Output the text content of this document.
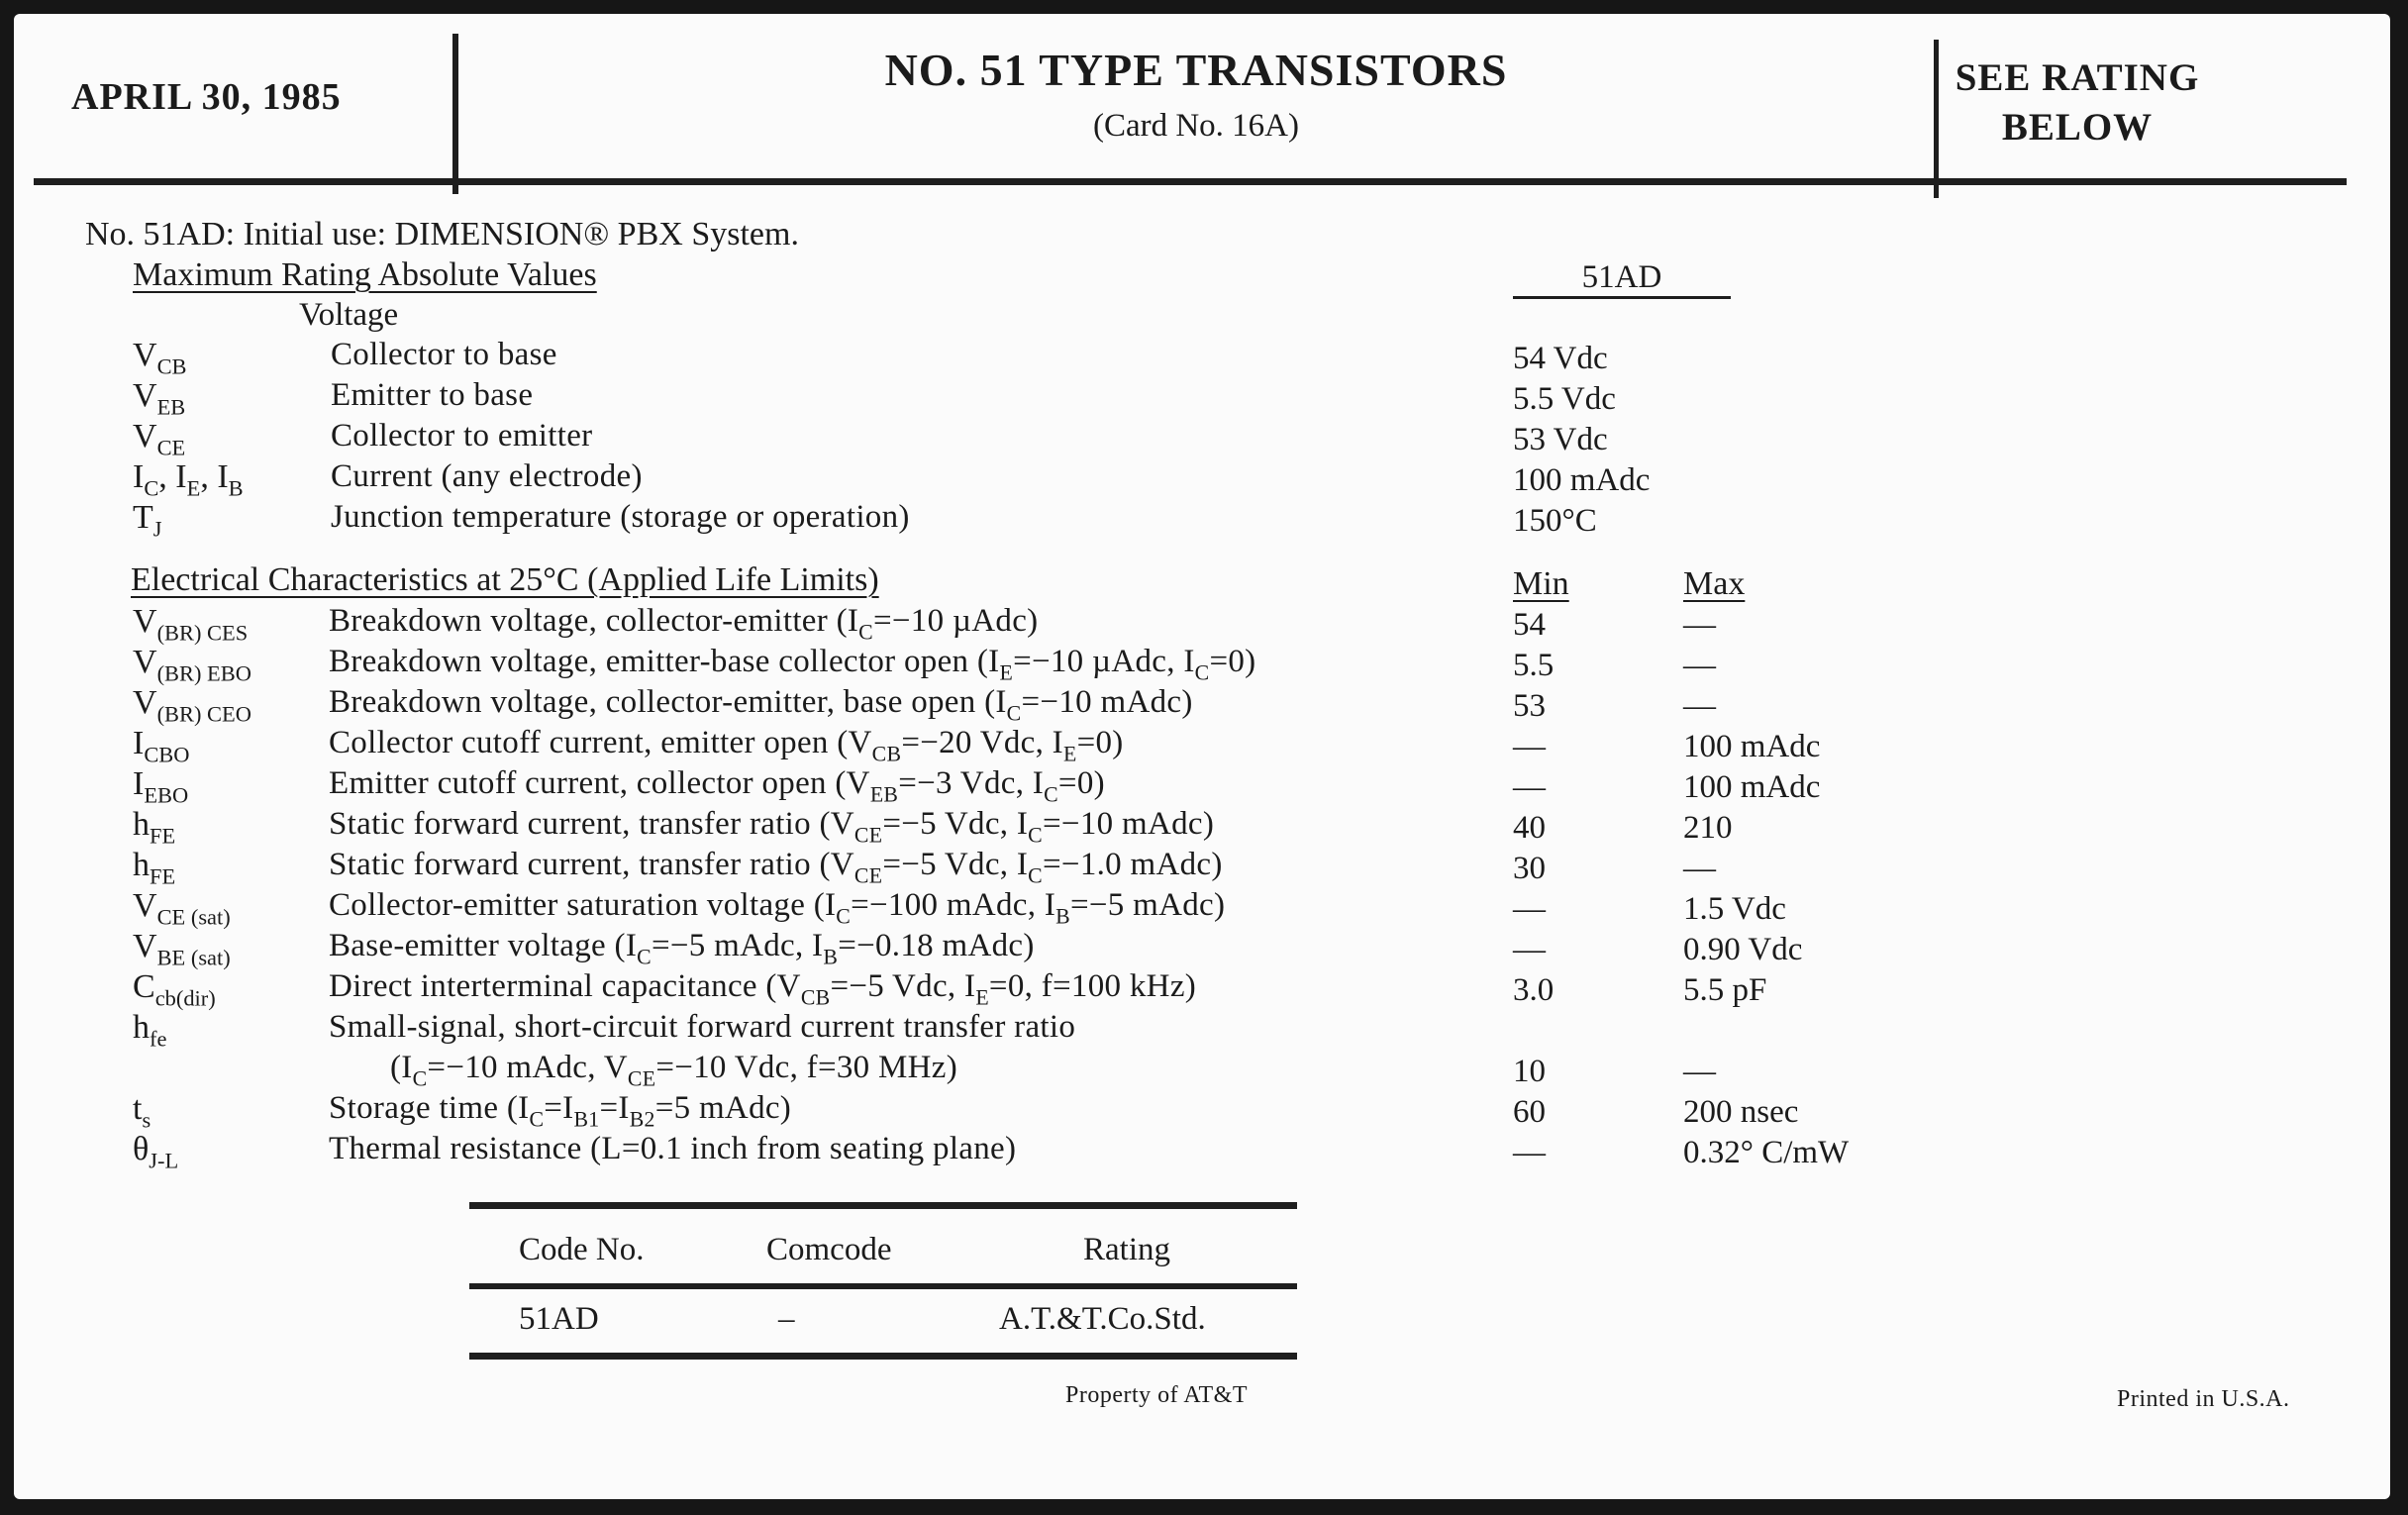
APRIL 30, 1985
NO. 51 TYPE TRANSISTORS
(Card No. 16A)
SEE RATING
BELOW
No. 51AD: Initial use: DIMENSION® PBX System.
Maximum Rating Absolute Values	51AD
Voltage
$V_{CB}$	Collector to base	54 Vdc
$V_{EB}$	Emitter to base	5.5 Vdc
$V_{CE}$	Collector to emitter	53 Vdc
$I_C$, $I_E$, $I_B$	Current (any electrode)	100 mAdc
$T_J$	Junction temperature (storage or operation)	150°C
Electrical Characteristics at 25°C (Applied Life Limits)	Min	Max
$V_{(BR) CES}$ Breakdown voltage, collector-emitter ($I_C=-10$ µAdc)	54	—
$V_{(BR) EBO}$ Breakdown voltage, emitter-base collector open ($I_E=-10$ µAdc, $I_C=0$)	5.5	—
$V_{(BR) CEO}$ Breakdown voltage, collector-emitter, base open ($I_C=-10$ mAdc)	53	—
$I_{CBO}$	Collector cutoff current, emitter open ($V_{CB}=-20$ Vdc, $I_E=0$)	—	100 mAdc
$I_{EBO}$	Emitter cutoff current, collector open ($V_{EB}=-3$ Vdc, $I_C=0$)	—	100 mAdc
$h_{FE}$	Static forward current, transfer ratio ($V_{CE}=-5$ Vdc, $I_C=-10$ mAdc)	40	210
$h_{FE}$	Static forward current, transfer ratio ($V_{CE}=-5$ Vdc, $I_C=-1.0$ mAdc)	30	—
$V_{CE (sat)}$	Collector-emitter saturation voltage ($I_C=-100$ mAdc, $I_B=-5$ mAdc)	—	1.5 Vdc
$V_{BE (sat)}$	Base-emitter voltage ($I_C=-5$ mAdc, $I_B=-0.18$ mAdc)	—	0.90 Vdc
$C_{cb(dir)}$	Direct interterminal capacitance ($V_{CB}=-5$ Vdc, $I_E=0$, f=100 kHz)	3.0	5.5 pF
$h_{fe}$	Small-signal, short-circuit forward current transfer ratio
($I_C=-10$ mAdc, $V_{CE}=-10$ Vdc, f=30 MHz)	10	—
$t_s$	Storage time ($I_C=I_{B1}=I_{B2}=5$ mAdc)	60	200 nsec
$\theta_{J-L}$	Thermal resistance (L=0.1 inch from seating plane)	—	0.32° C/mW
Code No.	Comcode	Rating
51AD	–	A.T.&T.Co.Std.
Property of AT&T	Printed in U.S.A.
